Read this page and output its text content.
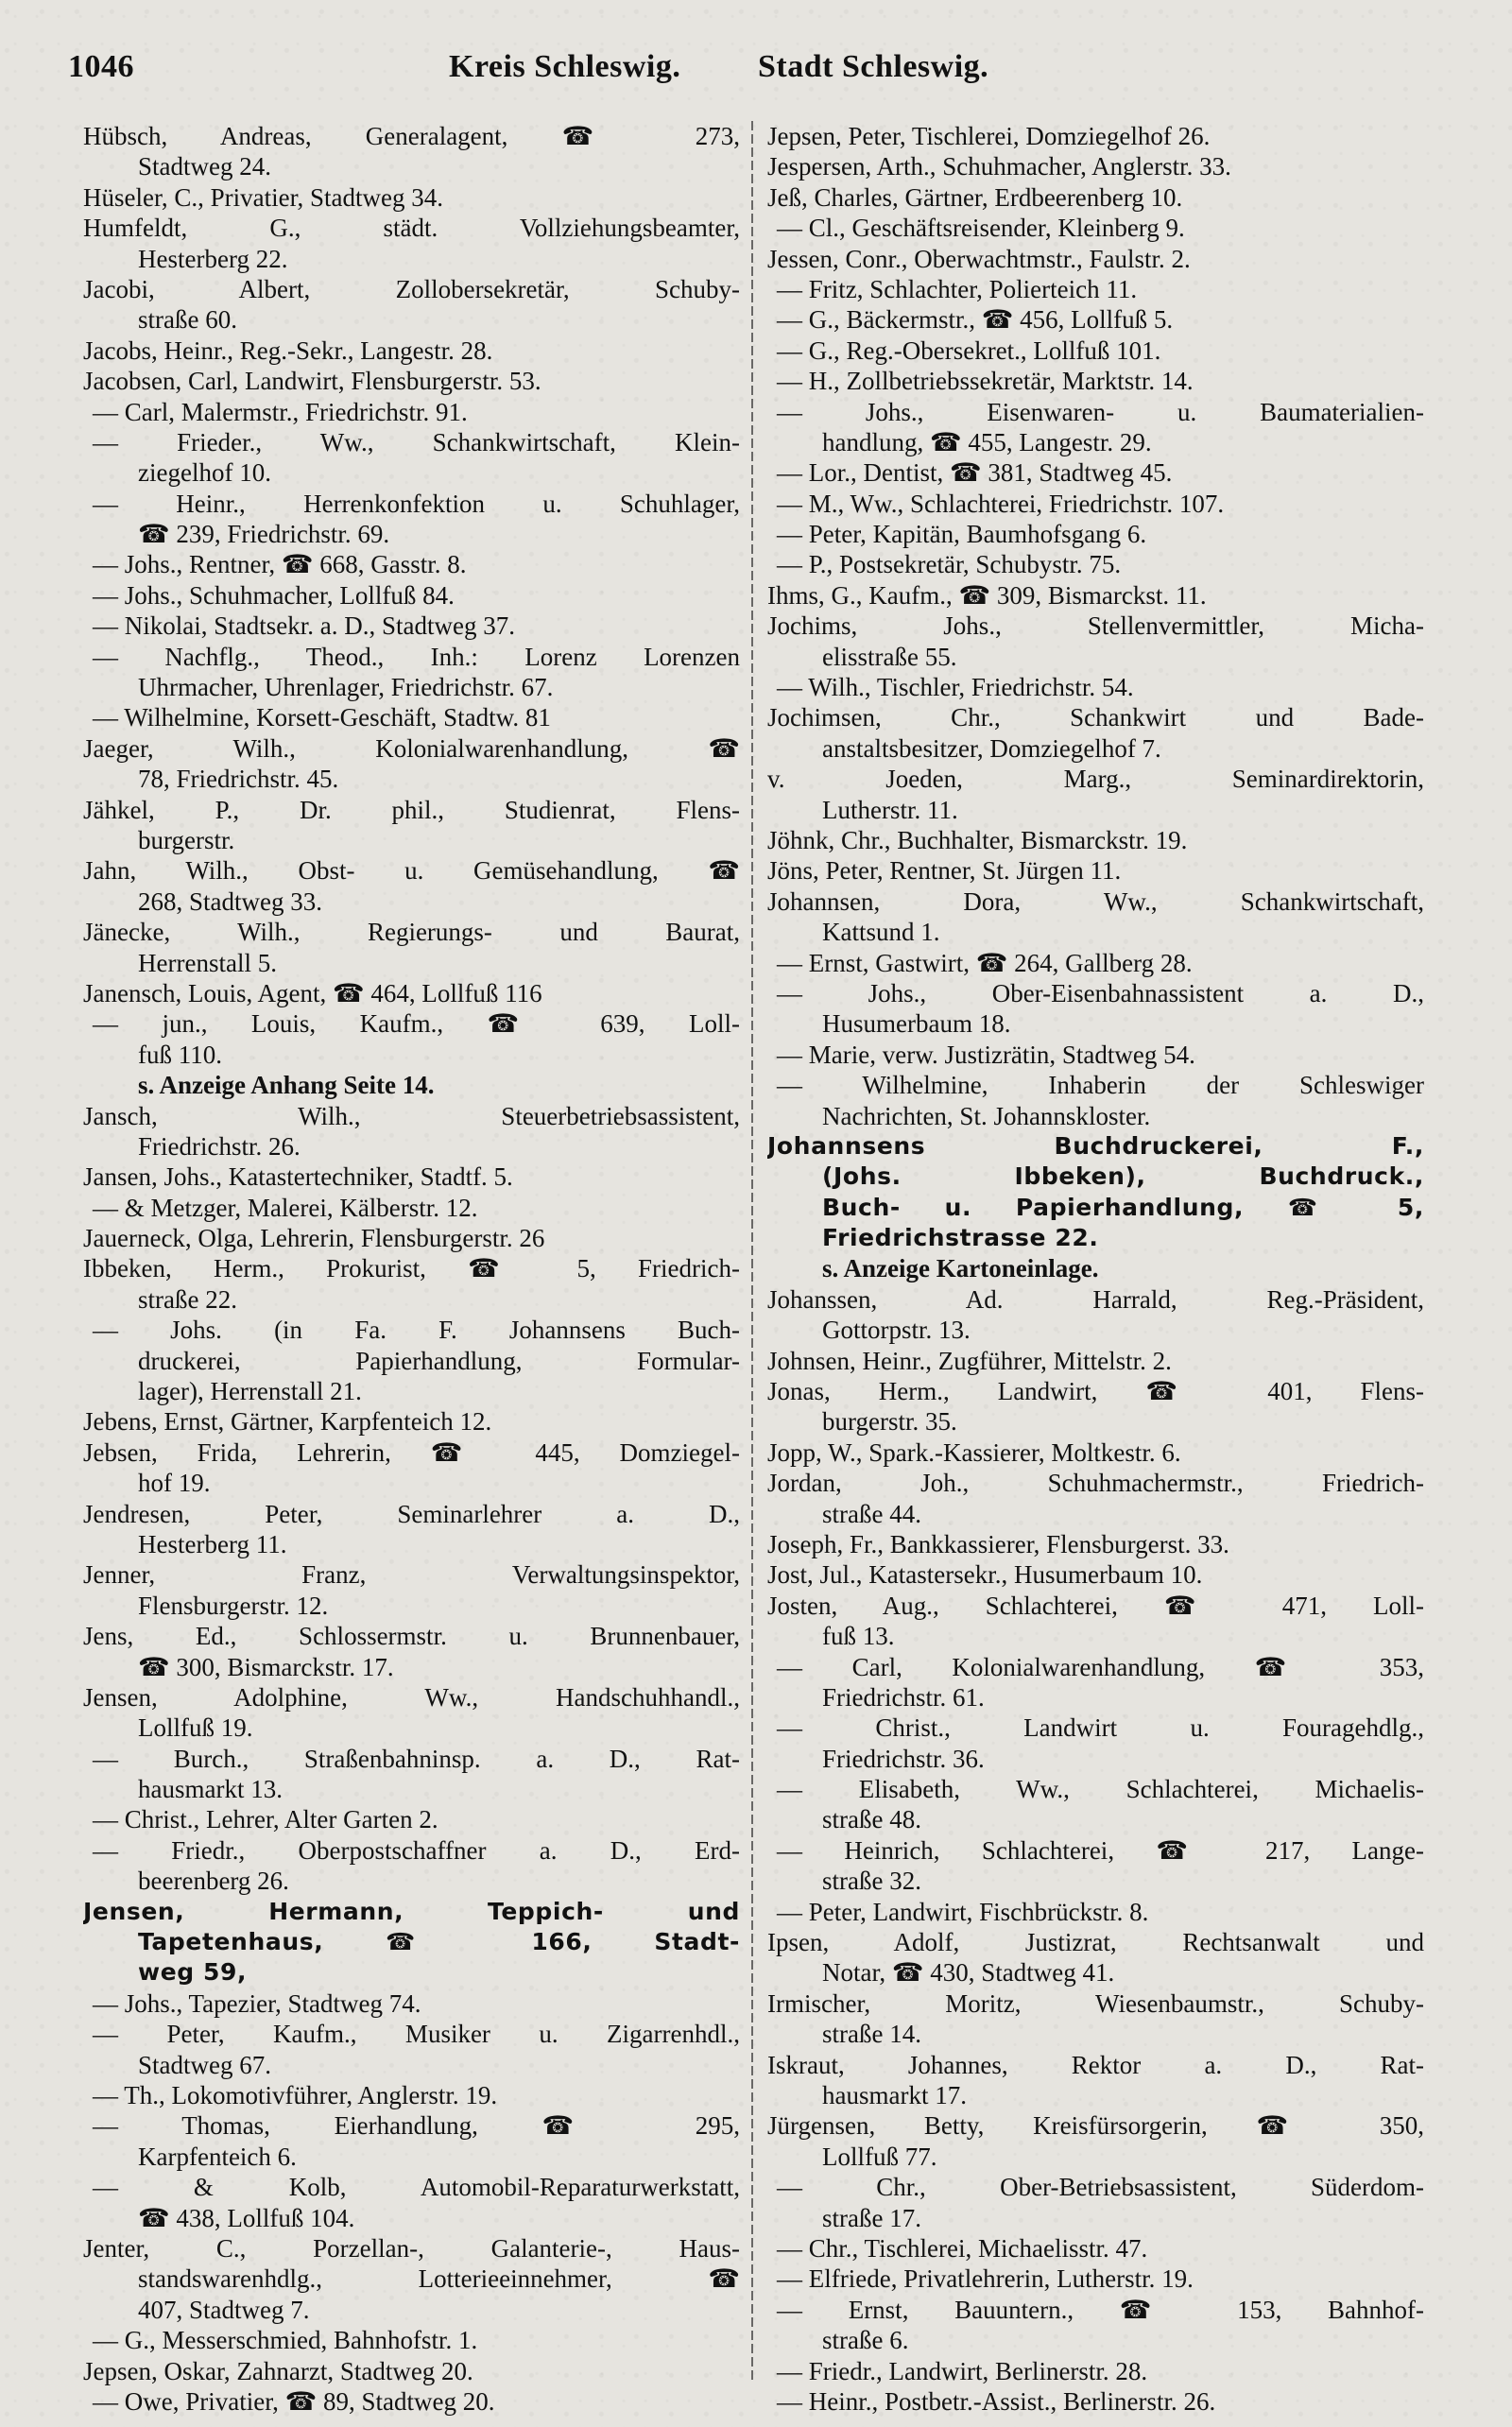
1046	Kreis Schleswig. Stadt Schleswig.
Hübsch, Andreas, Generalagent, ☎ 273,
Stadtweg 24.
Hüseler, C., Privatier, Stadtweg 34.
Humfeldt, G., städt. Vollziehungsbeamter,
Hesterberg 22.
Jacobi, Albert, Zollobersekretär, Schuby-
straße 60.
Jacobs, Heinr., Reg.-Sekr., Langestr. 28.
Jacobsen, Carl, Landwirt, Flensburgerstr. 53.
— Carl, Malermstr., Friedrichstr. 91.
— Frieder., Ww., Schankwirtschaft, Klein-
ziegelhof 10.
— Heinr., Herrenkonfektion u. Schuhlager,
☎ 239, Friedrichstr. 69.
— Johs., Rentner, ☎ 668, Gasstr. 8.
— Johs., Schuhmacher, Lollfuß 84.
— Nikolai, Stadtsekr. a. D., Stadtweg 37.
— Nachflg., Theod., Inh.: Lorenz Lorenzen
Uhrmacher, Uhrenlager, Friedrichstr. 67.
— Wilhelmine, Korsett-Geschäft, Stadtw. 81
Jaeger, Wilh., Kolonialwarenhandlung, ☎
78, Friedrichstr. 45.
Jähkel, P., Dr. phil., Studienrat, Flens-
burgerstr.
Jahn, Wilh., Obst- u. Gemüsehandlung, ☎
268, Stadtweg 33.
Jänecke, Wilh., Regierungs- und Baurat,
Herrenstall 5.
Janensch, Louis, Agent, ☎ 464, Lollfuß 116
— jun., Louis, Kaufm., ☎ 639, Loll-
fuß 110.
s. Anzeige Anhang Seite 14.
Jansch, Wilh., Steuerbetriebsassistent,
Friedrichstr. 26.
Jansen, Johs., Katastertechniker, Stadtf. 5.
— & Metzger, Malerei, Kälberstr. 12.
Jauerneck, Olga, Lehrerin, Flensburgerstr. 26
Ibbeken, Herm., Prokurist, ☎ 5, Friedrich-
straße 22.
— Johs. (in Fa. F. Johannsens Buch-
druckerei, Papierhandlung, Formular-
lager), Herrenstall 21.
Jebens, Ernst, Gärtner, Karpfenteich 12.
Jebsen, Frida, Lehrerin, ☎ 445, Domziegel-
hof 19.
Jendresen, Peter, Seminarlehrer a. D.,
Hesterberg 11.
Jenner, Franz, Verwaltungsinspektor,
Flensburgerstr. 12.
Jens, Ed., Schlossermstr. u. Brunnenbauer,
☎ 300, Bismarckstr. 17.
Jensen, Adolphine, Ww., Handschuhhandl.,
Lollfuß 19.
— Burch., Straßenbahninsp. a. D., Rat-
hausmarkt 13.
— Christ., Lehrer, Alter Garten 2.
— Friedr., Oberpostschaffner a. D., Erd-
beerenberg 26.
Jensen, Hermann, Teppich- und
Tapetenhaus, ☎ 166, Stadt-
weg 59,
— Johs., Tapezier, Stadtweg 74.
— Peter, Kaufm., Musiker u. Zigarrenhdl.,
Stadtweg 67.
— Th., Lokomotivführer, Anglerstr. 19.
— Thomas, Eierhandlung, ☎ 295,
Karpfenteich 6.
— & Kolb, Automobil-Reparaturwerkstatt,
☎ 438, Lollfuß 104.
Jenter, C., Porzellan-, Galanterie-, Haus-
standswarenhdlg., Lotterieeinnehmer, ☎
407, Stadtweg 7.
— G., Messerschmied, Bahnhofstr. 1.
Jepsen, Oskar, Zahnarzt, Stadtweg 20.
— Owe, Privatier, ☎ 89, Stadtweg 20.
Jepsen, Peter, Tischlerei, Domziegelhof 26.
Jespersen, Arth., Schuhmacher, Anglerstr. 33.
Jeß, Charles, Gärtner, Erdbeerenberg 10.
— Cl., Geschäftsreisender, Kleinberg 9.
Jessen, Conr., Oberwachtmstr., Faulstr. 2.
— Fritz, Schlachter, Polierteich 11.
— G., Bäckermstr., ☎ 456, Lollfuß 5.
— G., Reg.-Obersekret., Lollfuß 101.
— H., Zollbetriebssekretär, Marktstr. 14.
— Johs., Eisenwaren- u. Baumaterialien-
handlung, ☎ 455, Langestr. 29.
— Lor., Dentist, ☎ 381, Stadtweg 45.
— M., Ww., Schlachterei, Friedrichstr. 107.
— Peter, Kapitän, Baumhofsgang 6.
— P., Postsekretär, Schubystr. 75.
Ihms, G., Kaufm., ☎ 309, Bismarckst. 11.
Jochims, Johs., Stellenvermittler, Micha-
elisstraße 55.
— Wilh., Tischler, Friedrichstr. 54.
Jochimsen, Chr., Schankwirt und Bade-
anstaltsbesitzer, Domziegelhof 7.
v. Joeden, Marg., Seminardirektorin,
Lutherstr. 11.
Jöhnk, Chr., Buchhalter, Bismarckstr. 19.
Jöns, Peter, Rentner, St. Jürgen 11.
Johannsen, Dora, Ww., Schankwirtschaft,
Kattsund 1.
— Ernst, Gastwirt, ☎ 264, Gallberg 28.
— Johs., Ober-Eisenbahnassistent a. D.,
Husumerbaum 18.
— Marie, verw. Justizrätin, Stadtweg 54.
— Wilhelmine, Inhaberin der Schleswiger
Nachrichten, St. Johannskloster.
Johannsens Buchdruckerei, F.,
(Johs. Ibbeken), Buchdruck.,
Buch- u. Papierhandlung, ☎ 5,
Friedrichstrasse 22.
s. Anzeige Kartoneinlage.
Johanssen, Ad. Harrald, Reg.-Präsident,
Gottorpstr. 13.
Johnsen, Heinr., Zugführer, Mittelstr. 2.
Jonas, Herm., Landwirt, ☎ 401, Flens-
burgerstr. 35.
Jopp, W., Spark.-Kassierer, Moltkestr. 6.
Jordan, Joh., Schuhmachermstr., Friedrich-
straße 44.
Joseph, Fr., Bankkassierer, Flensburgerst. 33.
Jost, Jul., Katastersekr., Husumerbaum 10.
Josten, Aug., Schlachterei, ☎ 471, Loll-
fuß 13.
— Carl, Kolonialwarenhandlung, ☎ 353,
Friedrichstr. 61.
— Christ., Landwirt u. Fouragehdlg.,
Friedrichstr. 36.
— Elisabeth, Ww., Schlachterei, Michaelis-
straße 48.
— Heinrich, Schlachterei, ☎ 217, Lange-
straße 32.
— Peter, Landwirt, Fischbrückstr. 8.
Ipsen, Adolf, Justizrat, Rechtsanwalt und
Notar, ☎ 430, Stadtweg 41.
Irmischer, Moritz, Wiesenbaumstr., Schuby-
straße 14.
Iskraut, Johannes, Rektor a. D., Rat-
hausmarkt 17.
Jürgensen, Betty, Kreisfürsorgerin, ☎ 350,
Lollfuß 77.
— Chr., Ober-Betriebsassistent, Süderdom-
straße 17.
— Chr., Tischlerei, Michaelisstr. 47.
— Elfriede, Privatlehrerin, Lutherstr. 19.
— Ernst, Bauuntern., ☎ 153, Bahnhof-
straße 6.
— Friedr., Landwirt, Berlinerstr. 28.
— Heinr., Postbetr.-Assist., Berlinerstr. 26.
